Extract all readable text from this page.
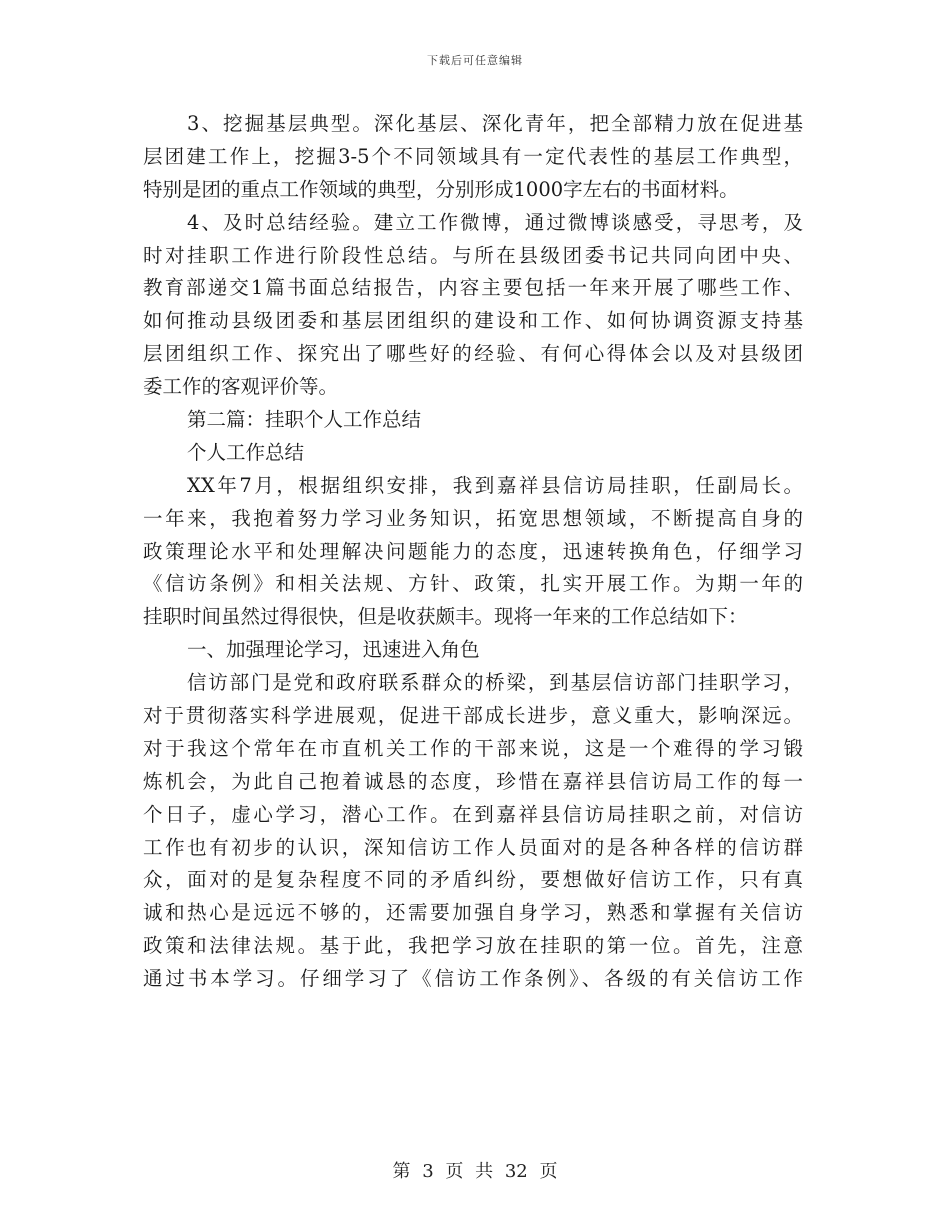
下载后可任意编辑
3、挖掘基层典型。深化基层、深化青年，把全部精力放在促进基
层团建工作上，挖掘3-5个不同领域具有一定代表性的基层工作典型，
特别是团的重点工作领域的典型，分别形成1000字左右的书面材料。
4、及时总结经验。建立工作微博，通过微博谈感受，寻思考，及
时对挂职工作进行阶段性总结。与所在县级团委书记共同向团中央、
教育部递交1篇书面总结报告，内容主要包括一年来开展了哪些工作、
如何推动县级团委和基层团组织的建设和工作、如何协调资源支持基
层团组织工作、探究出了哪些好的经验、有何心得体会以及对县级团
委工作的客观评价等。
第二篇：挂职个人工作总结
个人工作总结
XX年7月，根据组织安排，我到嘉祥县信访局挂职，任副局长。
一年来，我抱着努力学习业务知识，拓宽思想领域，不断提高自身的
政策理论水平和处理解决问题能力的态度，迅速转换角色，仔细学习
《信访条例》和相关法规、方针、政策，扎实开展工作。为期一年的
挂职时间虽然过得很快，但是收获颇丰。现将一年来的工作总结如下：
一、加强理论学习，迅速进入角色
信访部门是党和政府联系群众的桥梁，到基层信访部门挂职学习，
对于贯彻落实科学进展观，促进干部成长进步，意义重大，影响深远。
对于我这个常年在市直机关工作的干部来说，这是一个难得的学习锻
炼机会，为此自己抱着诚恳的态度，珍惜在嘉祥县信访局工作的每一
个日子，虚心学习，潜心工作。在到嘉祥县信访局挂职之前，对信访
工作也有初步的认识，深知信访工作人员面对的是各种各样的信访群
众，面对的是复杂程度不同的矛盾纠纷，要想做好信访工作，只有真
诚和热心是远远不够的，还需要加强自身学习，熟悉和掌握有关信访
政策和法律法规。基于此，我把学习放在挂职的第一位。首先，注意
通过书本学习。仔细学习了《信访工作条例》、各级的有关信访工作
第 3 页 共 32 页
